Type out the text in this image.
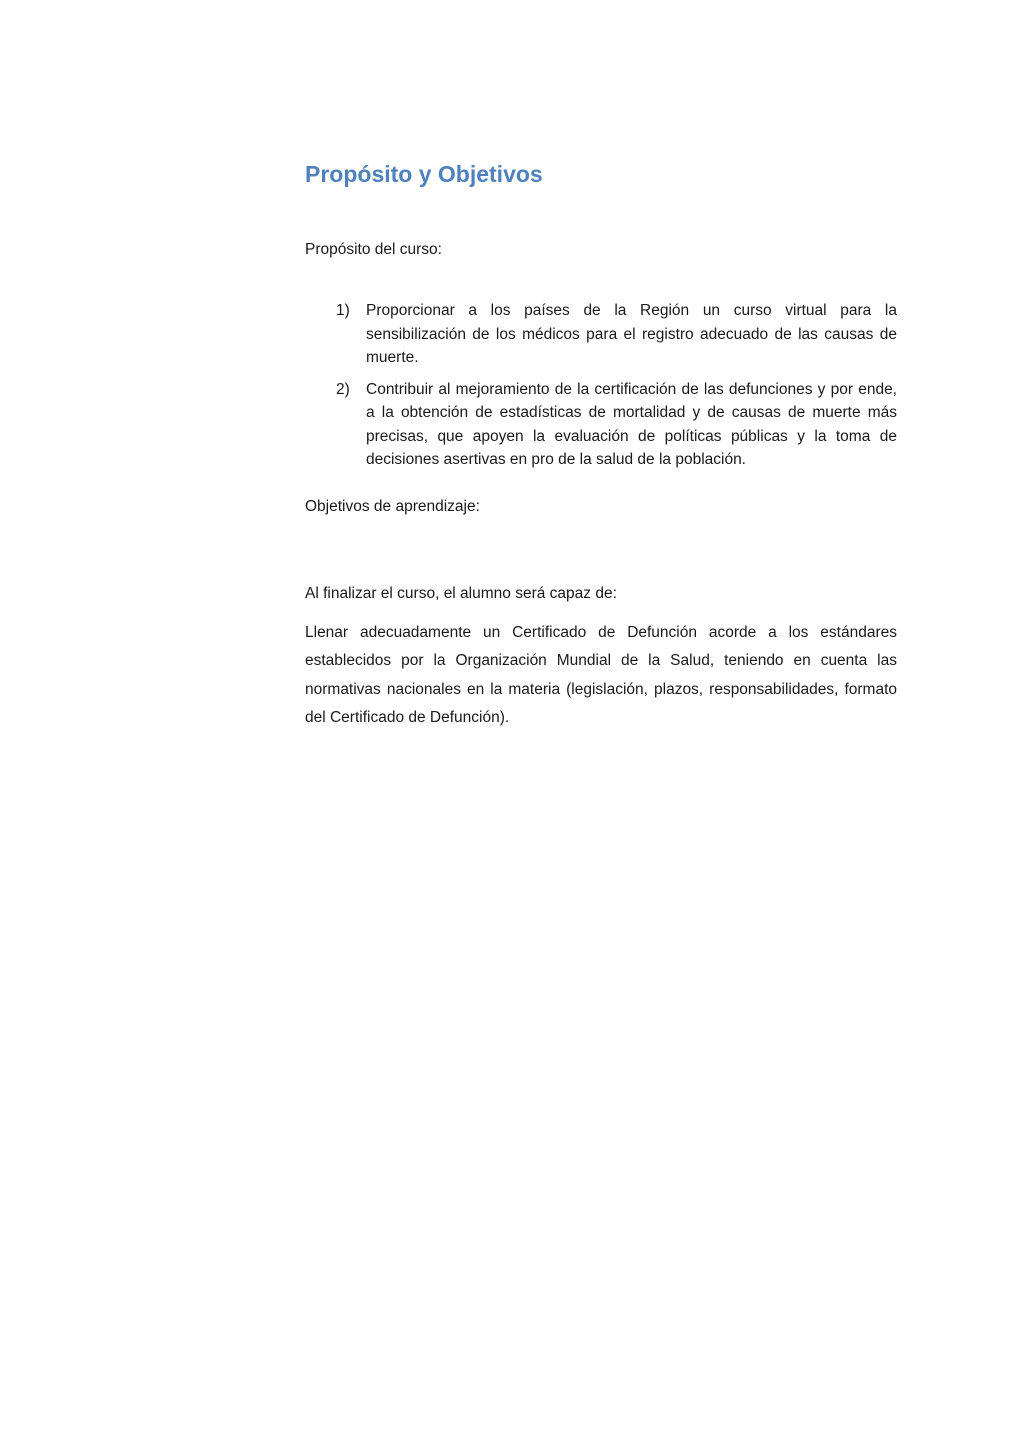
Propósito y Objetivos

Propósito del curso:

1)	Proporcionar a los países de la Región un curso virtual para la sensibilización de los médicos para el registro adecuado de las causas de muerte.

2)	Contribuir al mejoramiento de la certificación de las defunciones y por ende, a la obtención de estadísticas de mortalidad y de causas de muerte más precisas, que apoyen la evaluación de políticas públicas y la toma de decisiones asertivas en pro de la salud de la población.

Objetivos de aprendizaje:

Al finalizar el curso, el alumno será capaz de:

Llenar adecuadamente un Certificado de Defunción acorde a los estándares establecidos por la Organización Mundial de la Salud, teniendo en cuenta las normativas nacionales en la materia (legislación, plazos, responsabilidades, formato del Certificado de Defunción).
